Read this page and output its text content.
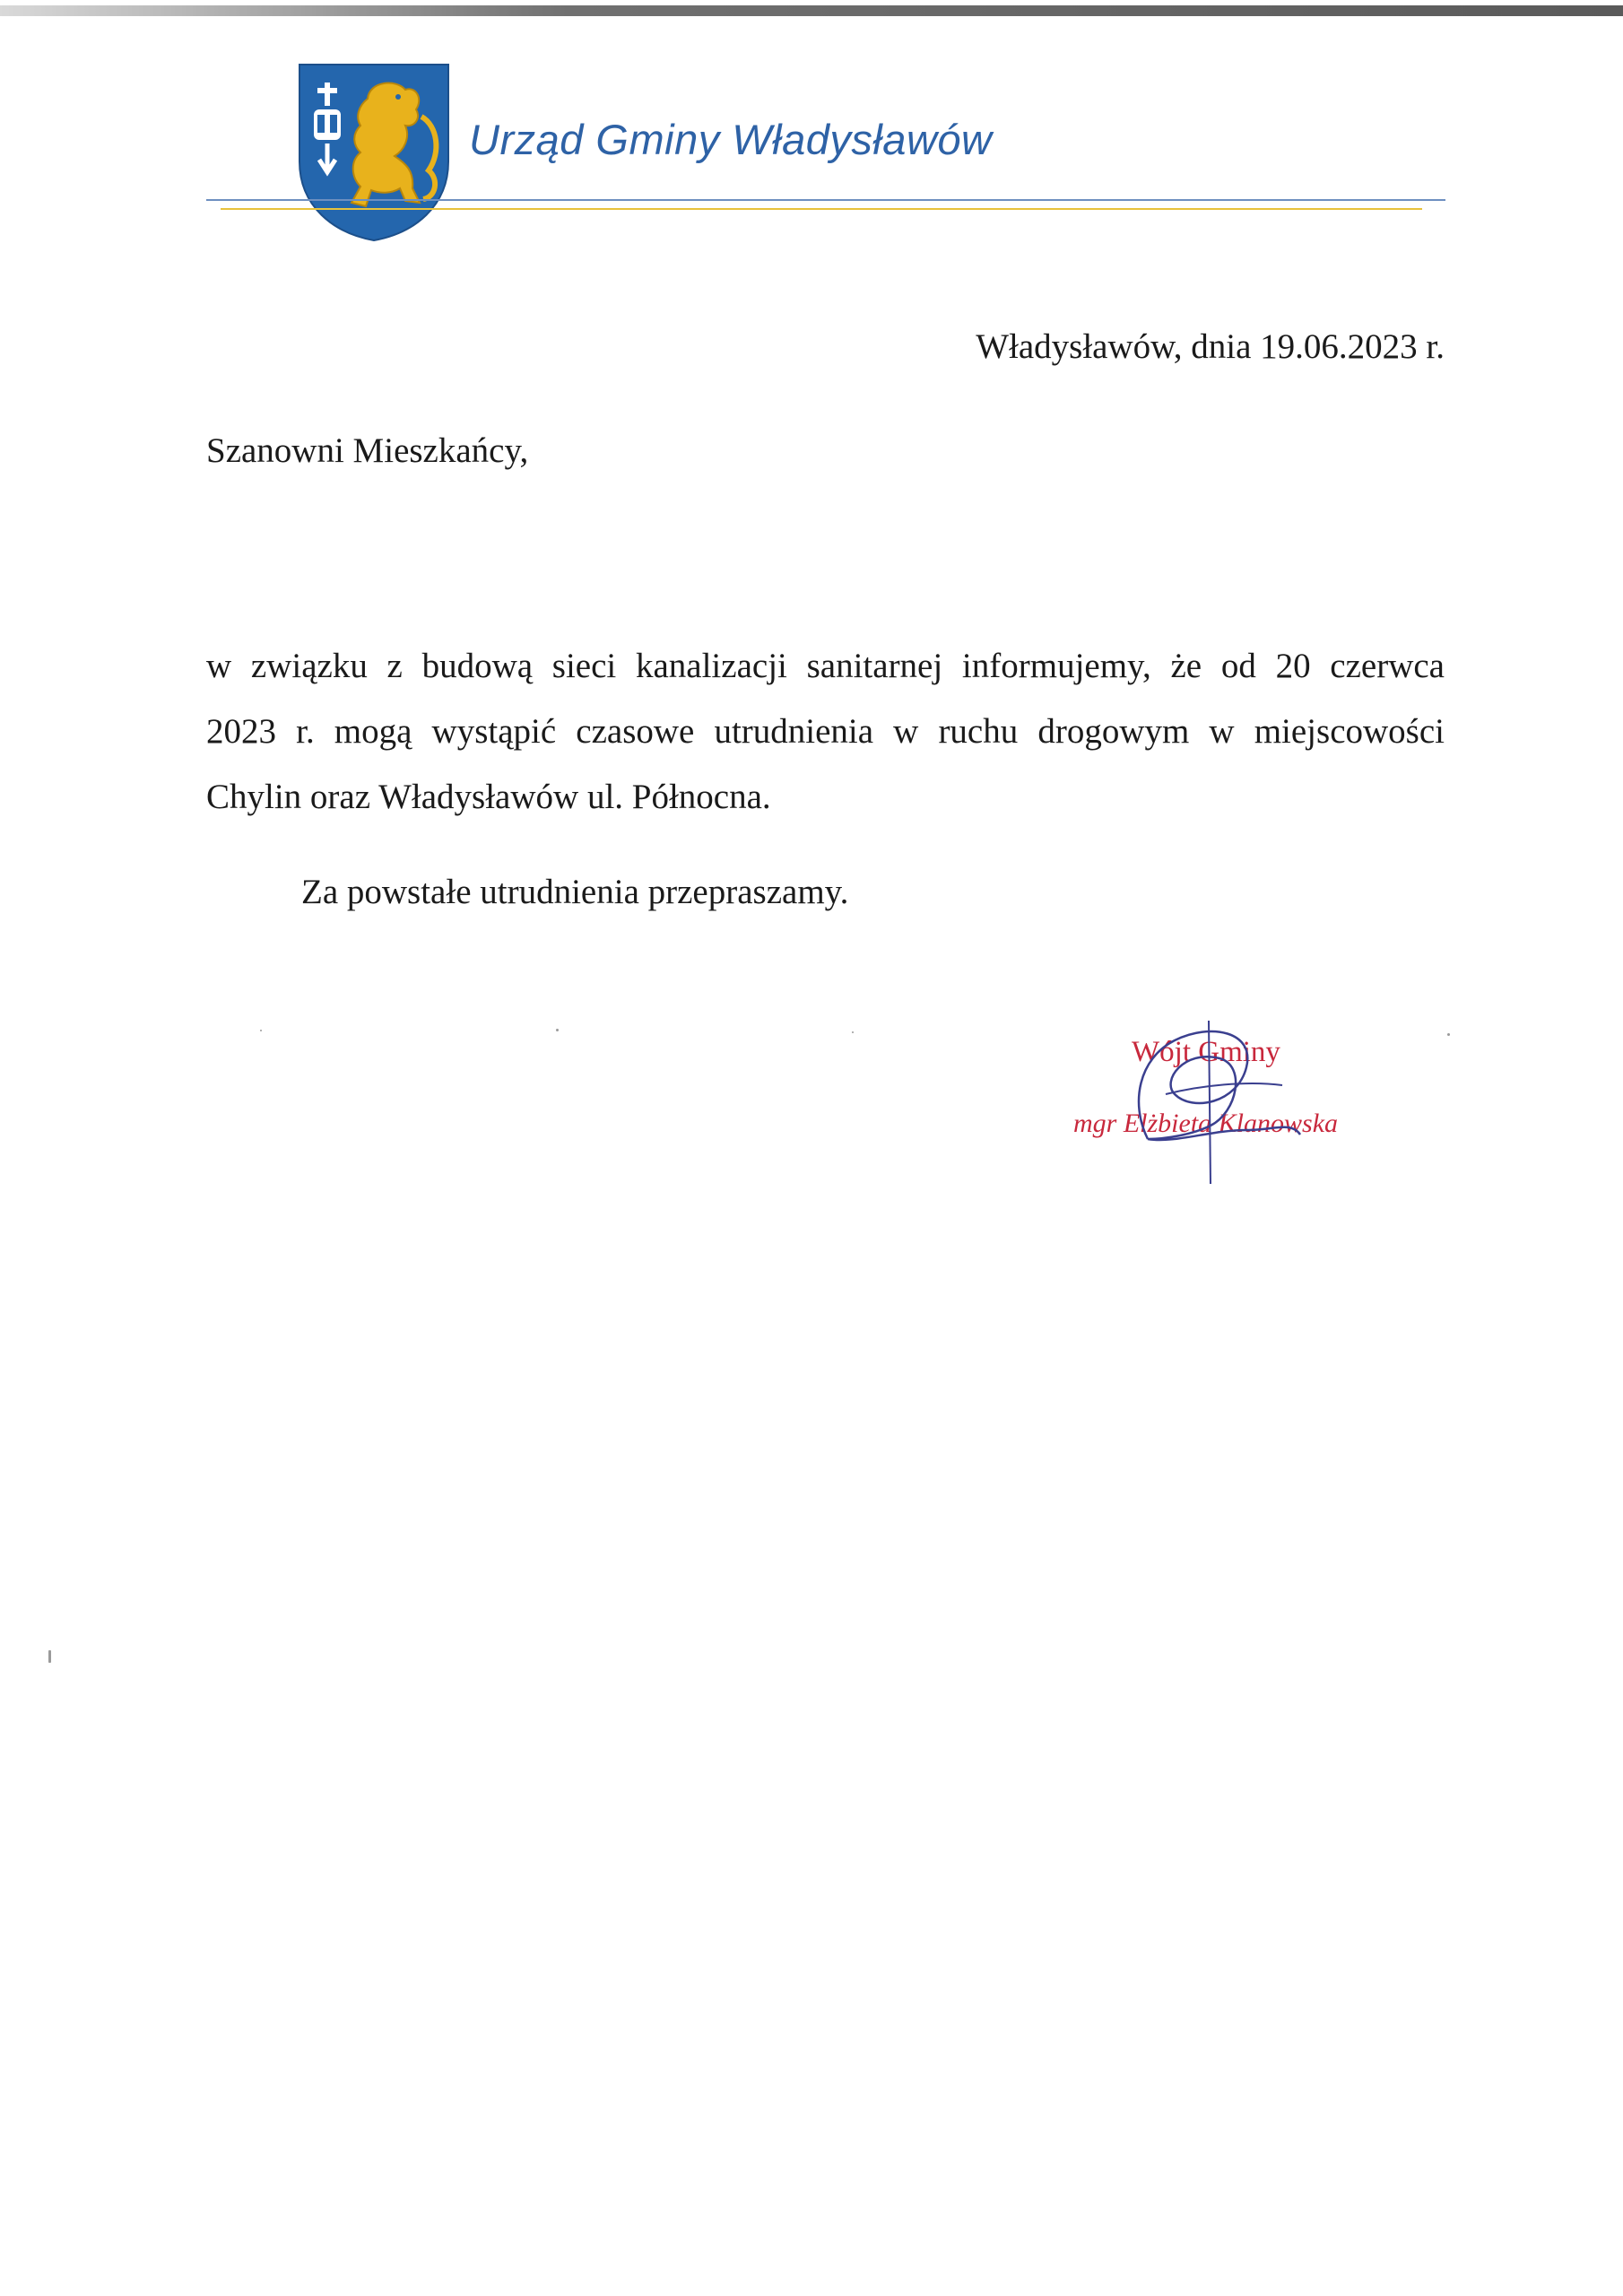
Urząd Gminy Władysławów
Władysławów, dnia 19.06.2023 r.
Szanowni Mieszkańcy,
w związku z budową sieci kanalizacji sanitarnej informujemy, że od 20 czerwca
2023 r. mogą wystąpić czasowe utrudnienia w ruchu drogowym w miejscowości
Chylin oraz Władysławów ul. Północna.
Za powstałe utrudnienia przepraszamy.
Wójt Gminy
mgr Elżbieta Klanowska
